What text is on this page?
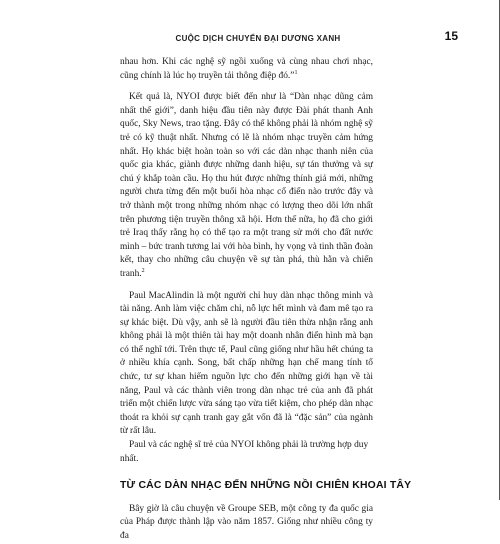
CUỘC DỊCH CHUYỂN ĐẠI DƯƠNG XANH	15

nhau hơn. Khi các nghệ sỹ ngồi xuống và cùng nhau chơi nhạc, cũng chính là lúc họ truyền tải thông điệp đó.”$^1$

Kết quả là, NYOI được biết đến như là “Dàn nhạc dũng cảm nhất thế giới”, danh hiệu đầu tiên này được Đài phát thanh Anh quốc, Sky News, trao tặng. Đây có thể không phải là nhóm nghệ sỹ trẻ có kỹ thuật nhất. Nhưng có lẽ là nhóm nhạc truyền cảm hứng nhất. Họ khác biệt hoàn toàn so với các dàn nhạc thanh niên của quốc gia khác, giành được những danh hiệu, sự tán thưởng và sự chú ý khắp toàn cầu. Họ thu hút được những thính giả mới, những người chưa từng đến một buổi hòa nhạc cổ điển nào trước đây và trở thành một trong những nhóm nhạc có lượng theo dõi lớn nhất trên phương tiện truyền thông xã hội. Hơn thế nữa, họ đã cho giới trẻ Iraq thấy rằng họ có thể tạo ra một trang sử mới cho đất nước mình – bức tranh tương lai với hòa bình, hy vọng và tinh thần đoàn kết, thay cho những câu chuyện về sự tàn phá, thù hằn và chiến tranh.$^2$

Paul MacAlindin là một người chỉ huy dàn nhạc thông minh và tài năng. Anh làm việc chăm chỉ, nỗ lực hết mình và đam mê tạo ra sự khác biệt. Dù vậy, anh sẽ là người đầu tiên thừa nhận rằng anh không phải là một thiên tài hay một doanh nhân điển hình mà bạn có thể nghĩ tới. Trên thực tế, Paul cũng giống như hầu hết chúng ta ở nhiều khía cạnh. Song, bất chấp những hạn chế mang tính tổ chức, tư sự khan hiếm nguồn lực cho đến những giới hạn về tài năng, Paul và các thành viên trong dàn nhạc trẻ của anh đã phát triển một chiến lược vừa sáng tạo vừa tiết kiệm, cho phép dàn nhạc thoát ra khỏi sự cạnh tranh gay gắt vốn đã là “đặc sản” của ngành từ rất lâu.

Paul và các nghệ sĩ trẻ của NYOI không phải là trường hợp duy nhất.

TỪ CÁC DÀN NHẠC ĐẾN NHỮNG NỒI CHIÊN KHOAI TÂY

Bây giờ là câu chuyện về Groupe SEB, một công ty đa quốc gia của Pháp được thành lập vào năm 1857. Giống như nhiều công ty đa
